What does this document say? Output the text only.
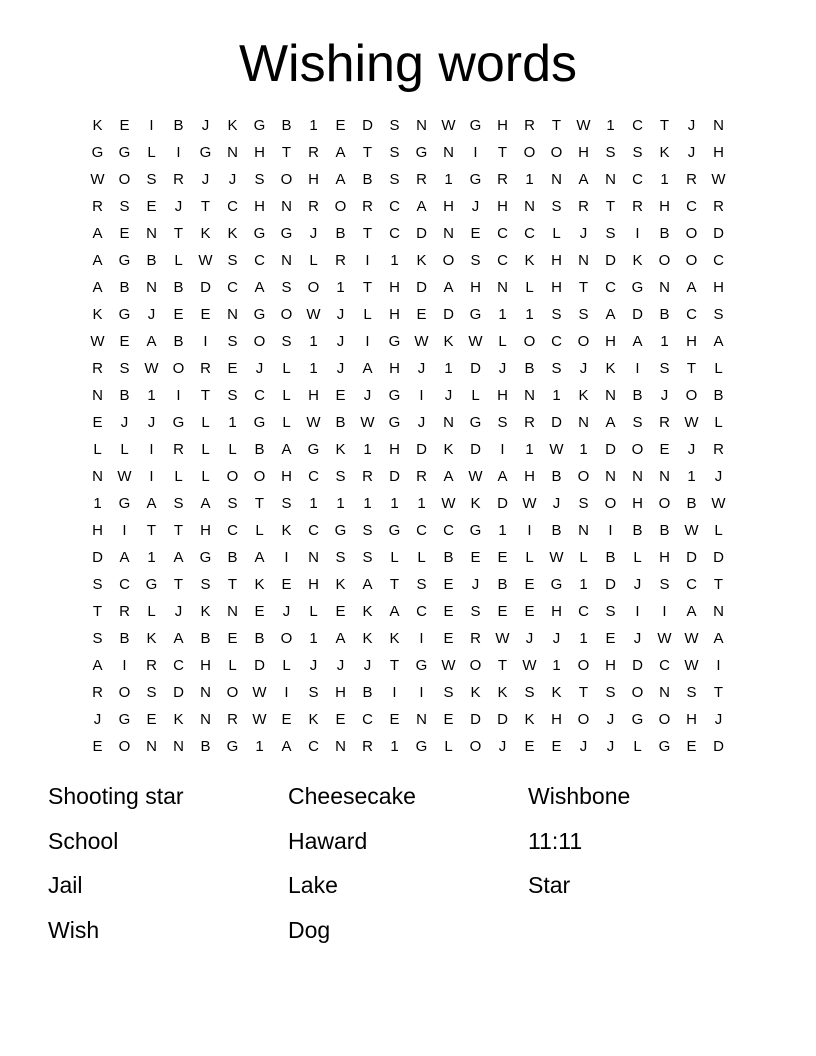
Wishing words
K	E	I	B	J	K	G	B	1	E	D	S	N W G	H	R	T	W	1	C	T	J	N
G	G	L	I	G	N	H	T	R	A	T	S	G	N	I	T	O	O	H	S	S	K	J	H
W O	S	R	J	J	S	O	H	A	B	S	R	1	G	R	1	N	A	N	C	1	R W
R	S	E	J	T	C	H	N	R	O	R	C	A	H	J	H	N	S	R	T	R	H	C	R
A	E	N	T	K	K	G	G	J	B	T	C	D	N	E	C	C	L	J	S	I	B	O	D
A	G	B	L	W S	C	N	L	R	I	1	K	O	S	C	K	H	N	D	K	O	O	C
A	B	N	B	D	C	A	S	O	1	T	H	D	A	H	N	L	H	T	C	G	N	A	H
K	G	J	E	E	N	G	O W	J	L	H	E	D	G	1	1	S	S	A	D	B	C	S
W E	A	B	I	S	O	S	1	J	I	G W K W	L	O	C	O	H	A	1	H	A
R	S W O	R	E	J	L	1	J	A	H	J	1	D	J	B	S	J	K	I	S	T	L
N	B	1	I	T	S	C	L	H	E	J	G	I	J	L	H	N	1	K	N	B	J	O	B
E	J	J	G	L	1	G	L	W B W G	J	N	G	S	R	D	N	A	S	R W	L
L	L	I	R	L	L	B	A	G	K	1	H	D	K	D	I	1	W	1	D	O	E	J	R
N W	I	L	L	O	O	H	C	S	R	D	R	A W A	H	B	O	N	N	N	1	J
1	G	A	S	A	S	T	S	1	1	1	1	1	W K	D W	J	S	O	H	O	B W
H	I	T	T	H	C	L	K	C	G	S	G	C	C	G	1	I	B	N	I	B	B W	L
D	A	1	A	G	B	A	I	N	S	S	L	L	B	E	E	L	W	L	B	L	H	D	D
S	C	G	T	S	T	K	E	H	K	A	T	S	E	J	B	E	G	1	D	J	S	C	T
T	R	L	J	K	N	E	J	L	E	K	A	C	E	S	E	E	H	C	S	I	I	A	N
S	B	K	A	B	E	B	O	1	A	K	K	I	E	R W	J	J	1	E	J	W W A
A	I	R	C	H	L	D	L	J	J	J	T	G W O	T	W	1	O	H	D	C W	I
R	O	S	D	N	O W	I	S	H	B	I	I	S	K	K	S	K	T	S	O	N	S	T
J	G	E	K	N	R W E	K	E	C	E	N	E	D	D	K	H	O	J	G	O	H	J
E	O	N	N	B	G	1	A	C	N	R	1	G	L	O	J	E	E	J	J	L	G	E	D
Shooting star	Cheesecake	Wishbone
School	Haward	11:11
Jail	Lake	Star
Wish	Dog
